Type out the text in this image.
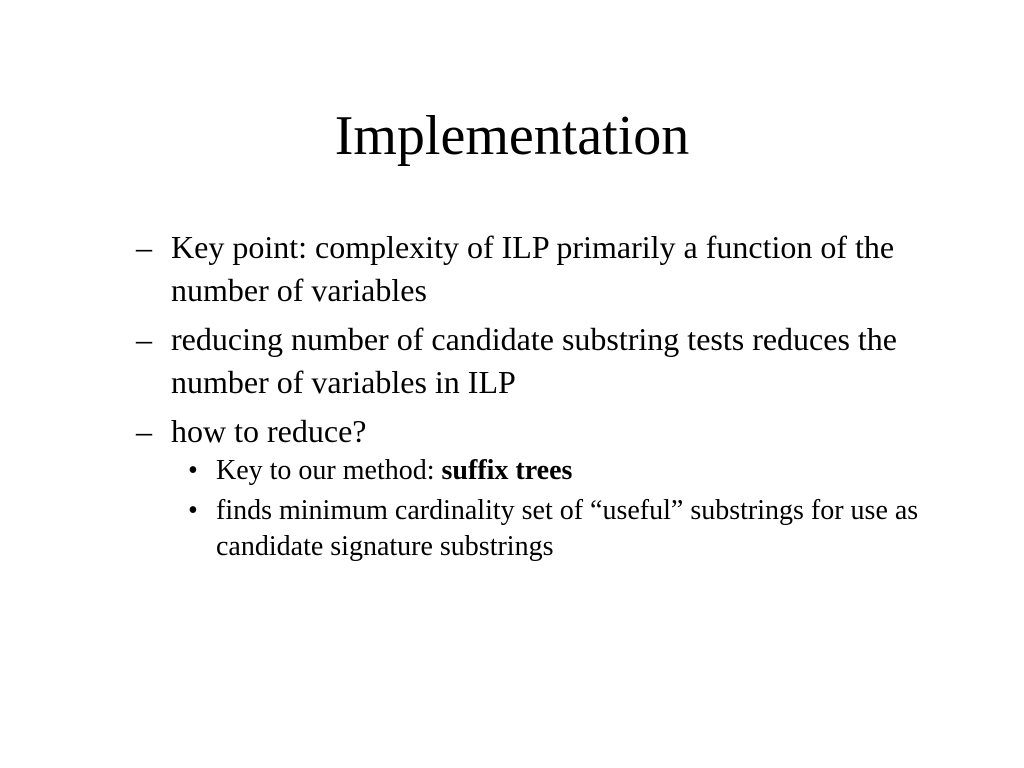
Implementation
– Key point: complexity of ILP primarily a function of the number of variables
– reducing number of candidate substring tests reduces the number of variables in ILP
– how to reduce?
• Key to our method: suffix trees
• finds minimum cardinality set of “useful” substrings for use as candidate signature substrings
